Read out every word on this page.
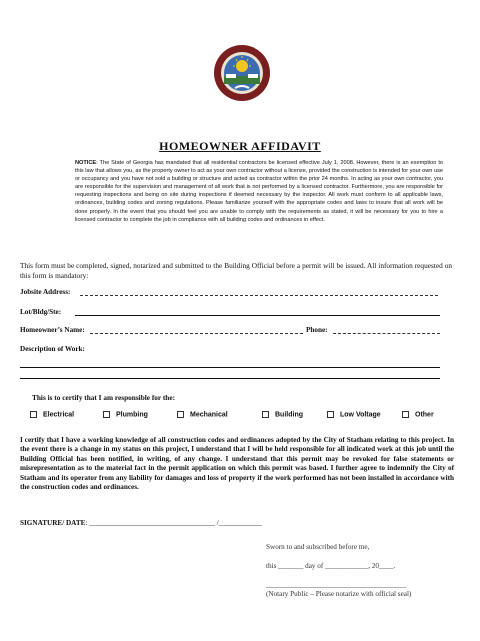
HOMEOWNER AFFIDAVIT
NOTICE: The State of Georgia has mandated that all residential contractors be licensed effective July 1, 2008. However, there is an exemption to this law that allows you, as the property owner to act as your own contractor without a license, provided the construction is intended for your own use or occupancy and you have not sold a building or structure and acted as contractor within the prior 24 months. In acting as your own contractor, you are responsible for the supervision and management of all work that is not performed by a licensed contractor. Furthermore, you are responsible for requesting inspections and being on site during inspections if deemed necessary by the inspector. All work must conform to all applicable laws, ordinances, building codes and zoning regulations. Please familiarize yourself with the appropriate codes and laws to insure that all work will be done properly. In the event that you should feel you are unable to comply with the requirements as stated, it will be necessary for you to hire a licensed contractor to complete the job in compliance with all building codes and ordinances in effect.
This form must be completed, signed, notarized and submitted to the Building Official before a permit will be issued. All information requested on this form is mandatory:
Jobsite Address:
Lot/Bldg/Ste:
Homeowner’s Name:	Phone:
Description of Work:
This is to certify that I am responsible for the:
Electrical	Plumbing	Mechanical	Building	Low Voltage	Other
I certify that I have a working knowledge of all construction codes and ordinances adopted by the City of Statham relating to this project. In the event there is a change in my status on this project, I understand that I will be held responsible for all indicated work at this job until the Building Official has been notified, in writing, of any change. I understand that this permit may be revoked for false statements or misrepresentation as to the material fact in the permit application on which this permit was based. I further agree to indemnify the City of Statham and its operator from any liability for damages and loss of property if the work performed has not been installed in accordance with the construction codes and ordinances.
SIGNATURE/ DATE: ___________________________________ /____________
Sworn to and subscribed before me,
this _______ day of ____________, 20____.
_______________________________________
(Notary Public – Please notarize with official seal)
